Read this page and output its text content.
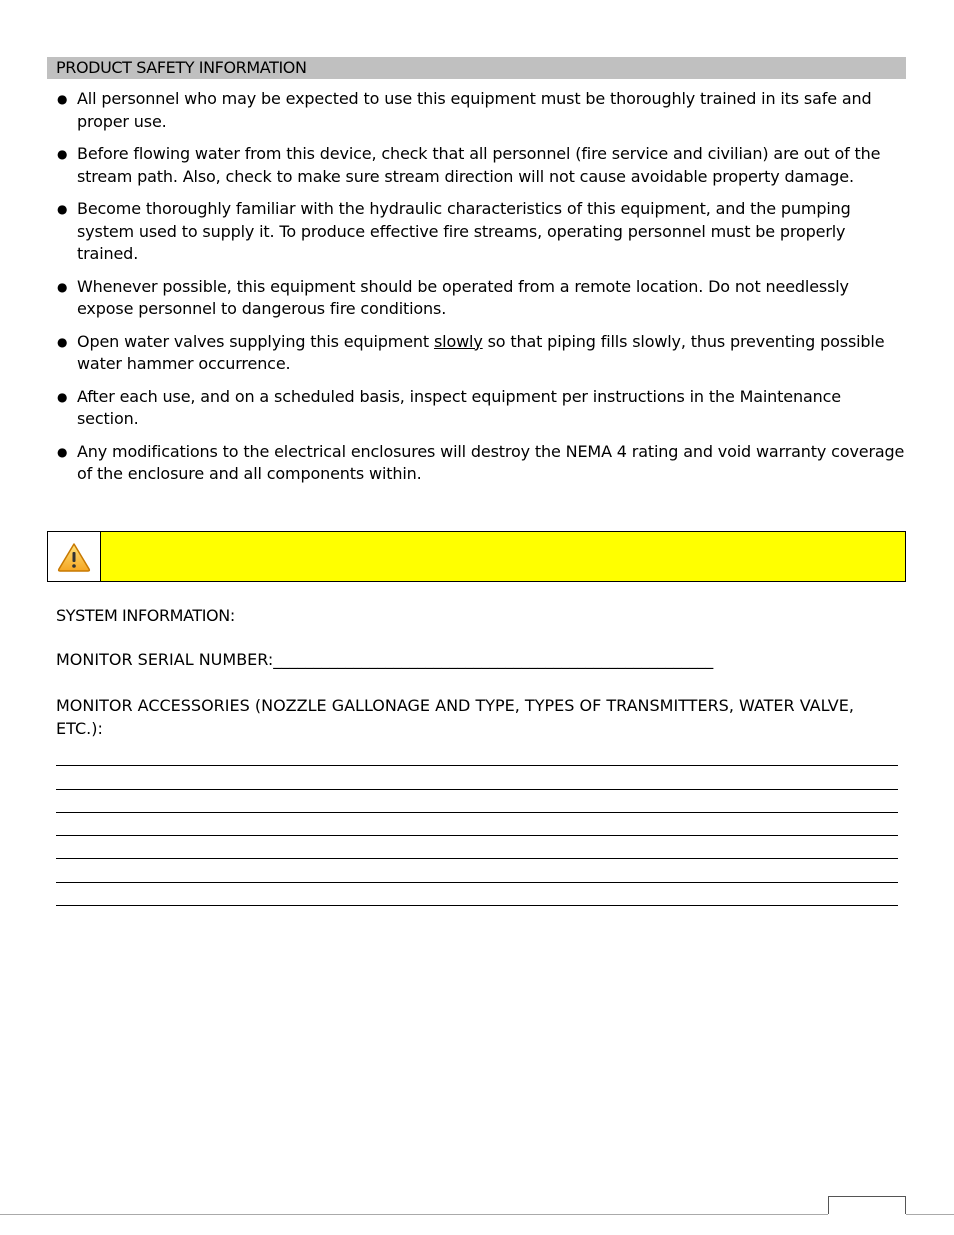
PRODUCT SAFETY INFORMATION
● All personnel who may be expected to use this equipment must be thoroughly trained in its safe and proper use.
● Before flowing water from this device, check that all personnel (fire service and civilian) are out of the stream path. Also, check to make sure stream direction will not cause avoidable property damage.
● Become thoroughly familiar with the hydraulic characteristics of this equipment, and the pumping system used to supply it. To produce effective fire streams, operating personnel must be properly trained.
● Whenever possible, this equipment should be operated from a remote location. Do not needlessly expose personnel to dangerous fire conditions.
● Open water valves supplying this equipment slowly so that piping fills slowly, thus preventing possible water hammer occurrence.
● After each use, and on a scheduled basis, inspect equipment per instructions in the Maintenance section.
● Any modifications to the electrical enclosures will destroy the NEMA 4 rating and void warranty coverage of the enclosure and all components within.
SYSTEM INFORMATION:
MONITOR SERIAL NUMBER:_______________________________________________________
MONITOR ACCESSORIES (NOZZLE GALLONAGE AND TYPE, TYPES OF TRANSMITTERS, WATER VALVE, ETC.):
